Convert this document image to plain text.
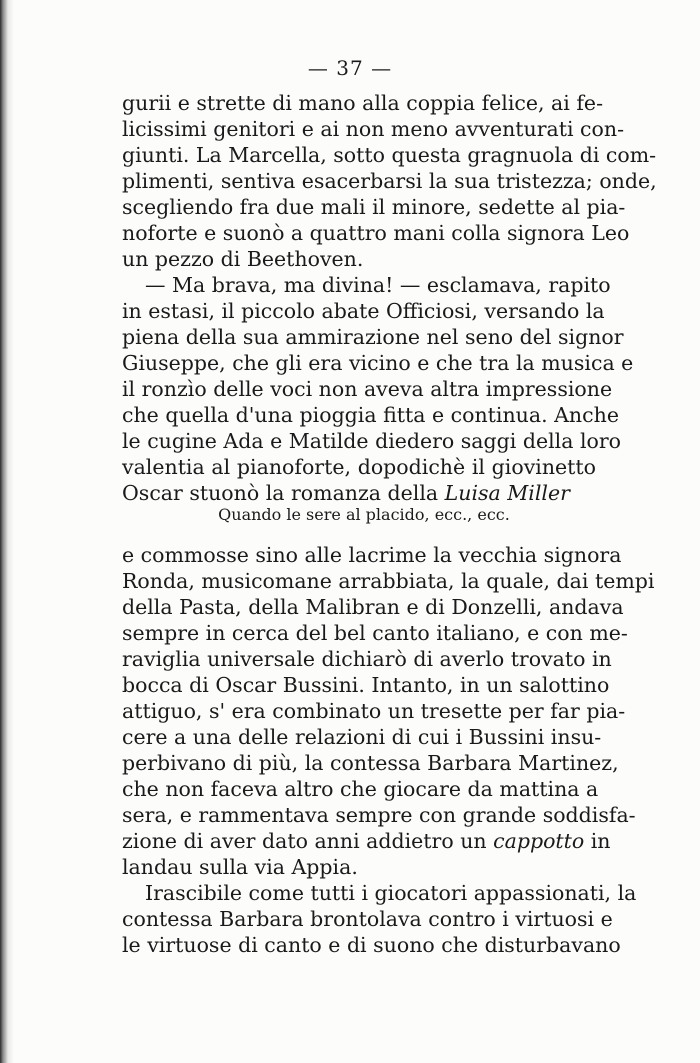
— 37 —
gurii e strette di mano alla coppia felice, ai fe-
licissimi genitori e ai non meno avventurati con-
giunti. La Marcella, sotto questa gragnuola di com-
plimenti, sentiva esacerbarsi la sua tristezza; onde,
scegliendo fra due mali il minore, sedette al pia-
noforte e suonò a quattro mani colla signora Leo
un pezzo di Beethoven.
— Ma brava, ma divina! — esclamava, rapito
in estasi, il piccolo abate Officiosi, versando la
piena della sua ammirazione nel seno del signor
Giuseppe, che gli era vicino e che tra la musica e
il ronzìo delle voci non aveva altra impressione
che quella d'una pioggia fitta e continua. Anche
le cugine Ada e Matilde diedero saggi della loro
valentia al pianoforte, dopodichè il giovinetto
Oscar stuonò la romanza della Luisa Miller
Quando le sere al placido, ecc., ecc.
e commosse sino alle lacrime la vecchia signora
Ronda, musicomane arrabbiata, la quale, dai tempi
della Pasta, della Malibran e di Donzelli, andava
sempre in cerca del bel canto italiano, e con me-
raviglia universale dichiarò di averlo trovato in
bocca di Oscar Bussini. Intanto, in un salottino
attiguo, s' era combinato un tresette per far pia-
cere a una delle relazioni di cui i Bussini insu-
perbivano di più, la contessa Barbara Martinez,
che non faceva altro che giocare da mattina a
sera, e rammentava sempre con grande soddisfa-
zione di aver dato anni addietro un cappotto in
landau sulla via Appia.
Irascibile come tutti i giocatori appassionati, la
contessa Barbara brontolava contro i virtuosi e
le virtuose di canto e di suono che disturbavano
